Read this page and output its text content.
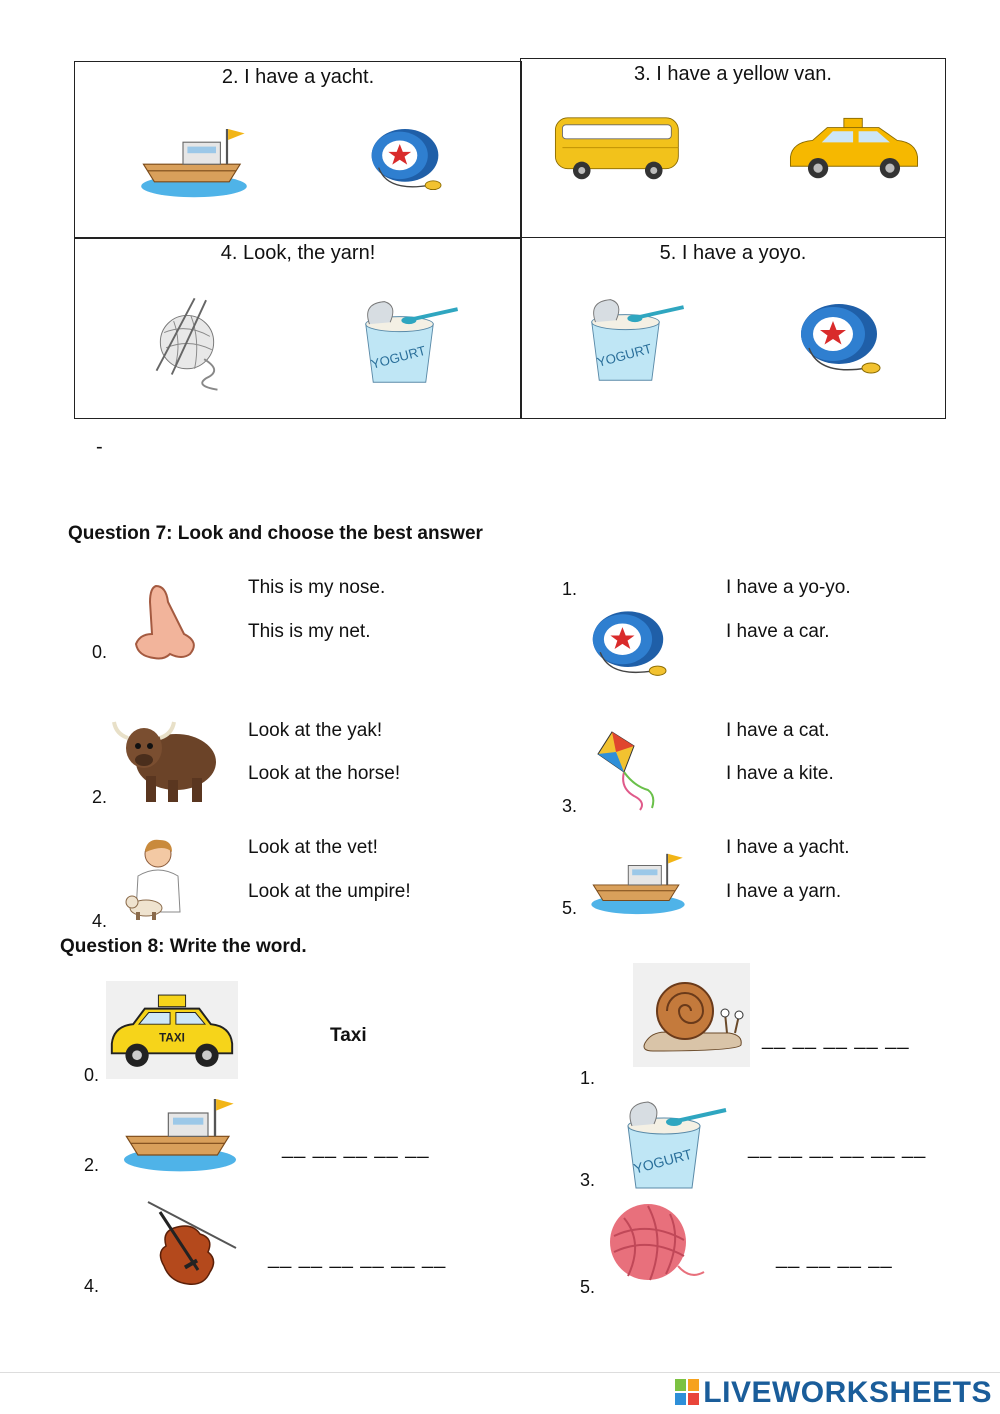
2. I have a yacht.	3. I have a yellow van.
4. Look, the yarn!	5. I have a yoyo.
-
Question 7: Look and choose the best answer
0.
This is my nose.
This is my net.
1.	I have a yo-yo.
I have a car.
2.
Look at the yak!
Look at the horse!
3.
I have a cat.
I have a kite.
4.
Look at the vet!
Look at the umpire!
5.
I have a yacht.
I have a yarn.
Question 8: Write the word.
0.
Taxi
1.
__ __ __ __ __
2.
__ __ __ __ __
3.
__ __ __ __ __ __
4.
__ __ __ __ __ __
5.
__ __ __ __
LIVEWORKSHEETS
